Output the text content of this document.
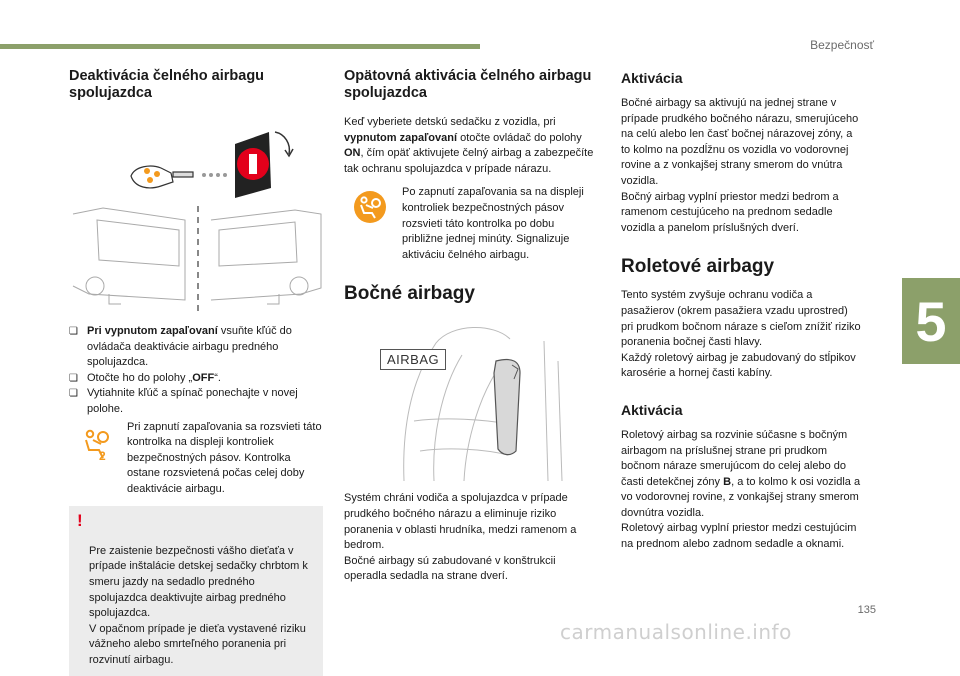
Bezpečnosť
5
Deaktivácia čelného airbagu spolujazdca
❏ Pri vypnutom zapaľovaní vsuňte kľúč do ovládača deaktivácie airbagu predného spolujazdca.
❏ Otočte ho do polohy „OFF“.
❏ Vytiahnite kľúč a spínač ponechajte v novej polohe.
2
Pri zapnutí zapaľovania sa rozsvieti táto kontrolka na displeji kontroliek bezpečnostných pásov. Kontrolka ostane rozsvietená počas celej doby deaktivácie airbagu.

!

Pre zaistenie bezpečnosti vášho dieťaťa v prípade inštalácie detskej sedačky chrbtom k smeru jazdy na sedadlo predného spolujazdca deaktivujte airbag predného spolujazdca.
V opačnom prípade je dieťa vystavené riziku vážneho alebo smrteľného poranenia pri rozvinutí airbagu.

Opätovná aktivácia čelného airbagu spolujazdca

Keď vyberiete detskú sedačku z vozidla, pri vypnutom zapaľovaní otočte ovládač do polohy ON, čím opäť aktivujete čelný airbag a zabezpečíte tak ochranu spolujazdca v prípade nárazu.

Po zapnutí zapaľovania sa na displeji kontroliek bezpečnostných pásov rozsvieti táto kontrolka po dobu približne jednej minúty. Signalizuje aktiváciu čelného airbagu.
Bočné airbagy
AIRBAG

Systém chráni vodiča a spolujazdca v prípade prudkého bočného nárazu a eliminuje riziko poranenia v oblasti hrudníka, medzi ramenom a bedrom.
Bočné airbagy sú zabudované v konštrukcii operadla sedadla na strane dverí.

Aktivácia

Bočné airbagy sa aktivujú na jednej strane v prípade prudkého bočného nárazu, smerujúceho na celú alebo len časť bočnej nárazovej zóny, a to kolmo na pozdĺžnu os vozidla vo vodorovnej rovine a z vonkajšej strany smerom do vnútra vozidla.
Bočný airbag vyplní priestor medzi bedrom a ramenom cestujúceho na prednom sedadle vozidla a panelom príslušných dverí.

Roletové airbagy

Tento systém zvyšuje ochranu vodiča a pasažierov (okrem pasažiera vzadu uprostred) pri prudkom bočnom náraze s cieľom znížiť riziko poranenia bočnej časti hlavy.
Každý roletový airbag je zabudovaný do stĺpikov karosérie a hornej časti kabíny.

Aktivácia

Roletový airbag sa rozvinie súčasne s bočným airbagom na príslušnej strane pri prudkom bočnom náraze smerujúcom do celej alebo do časti detekčnej zóny B, a to kolmo k osi vozidla a vo vodorovnej rovine, z vonkajšej strany smerom dovnútra vozidla.
Roletový airbag vyplní priestor medzi cestujúcim na prednom alebo zadnom sedadle a oknami.

135
carmanualsonline.info
